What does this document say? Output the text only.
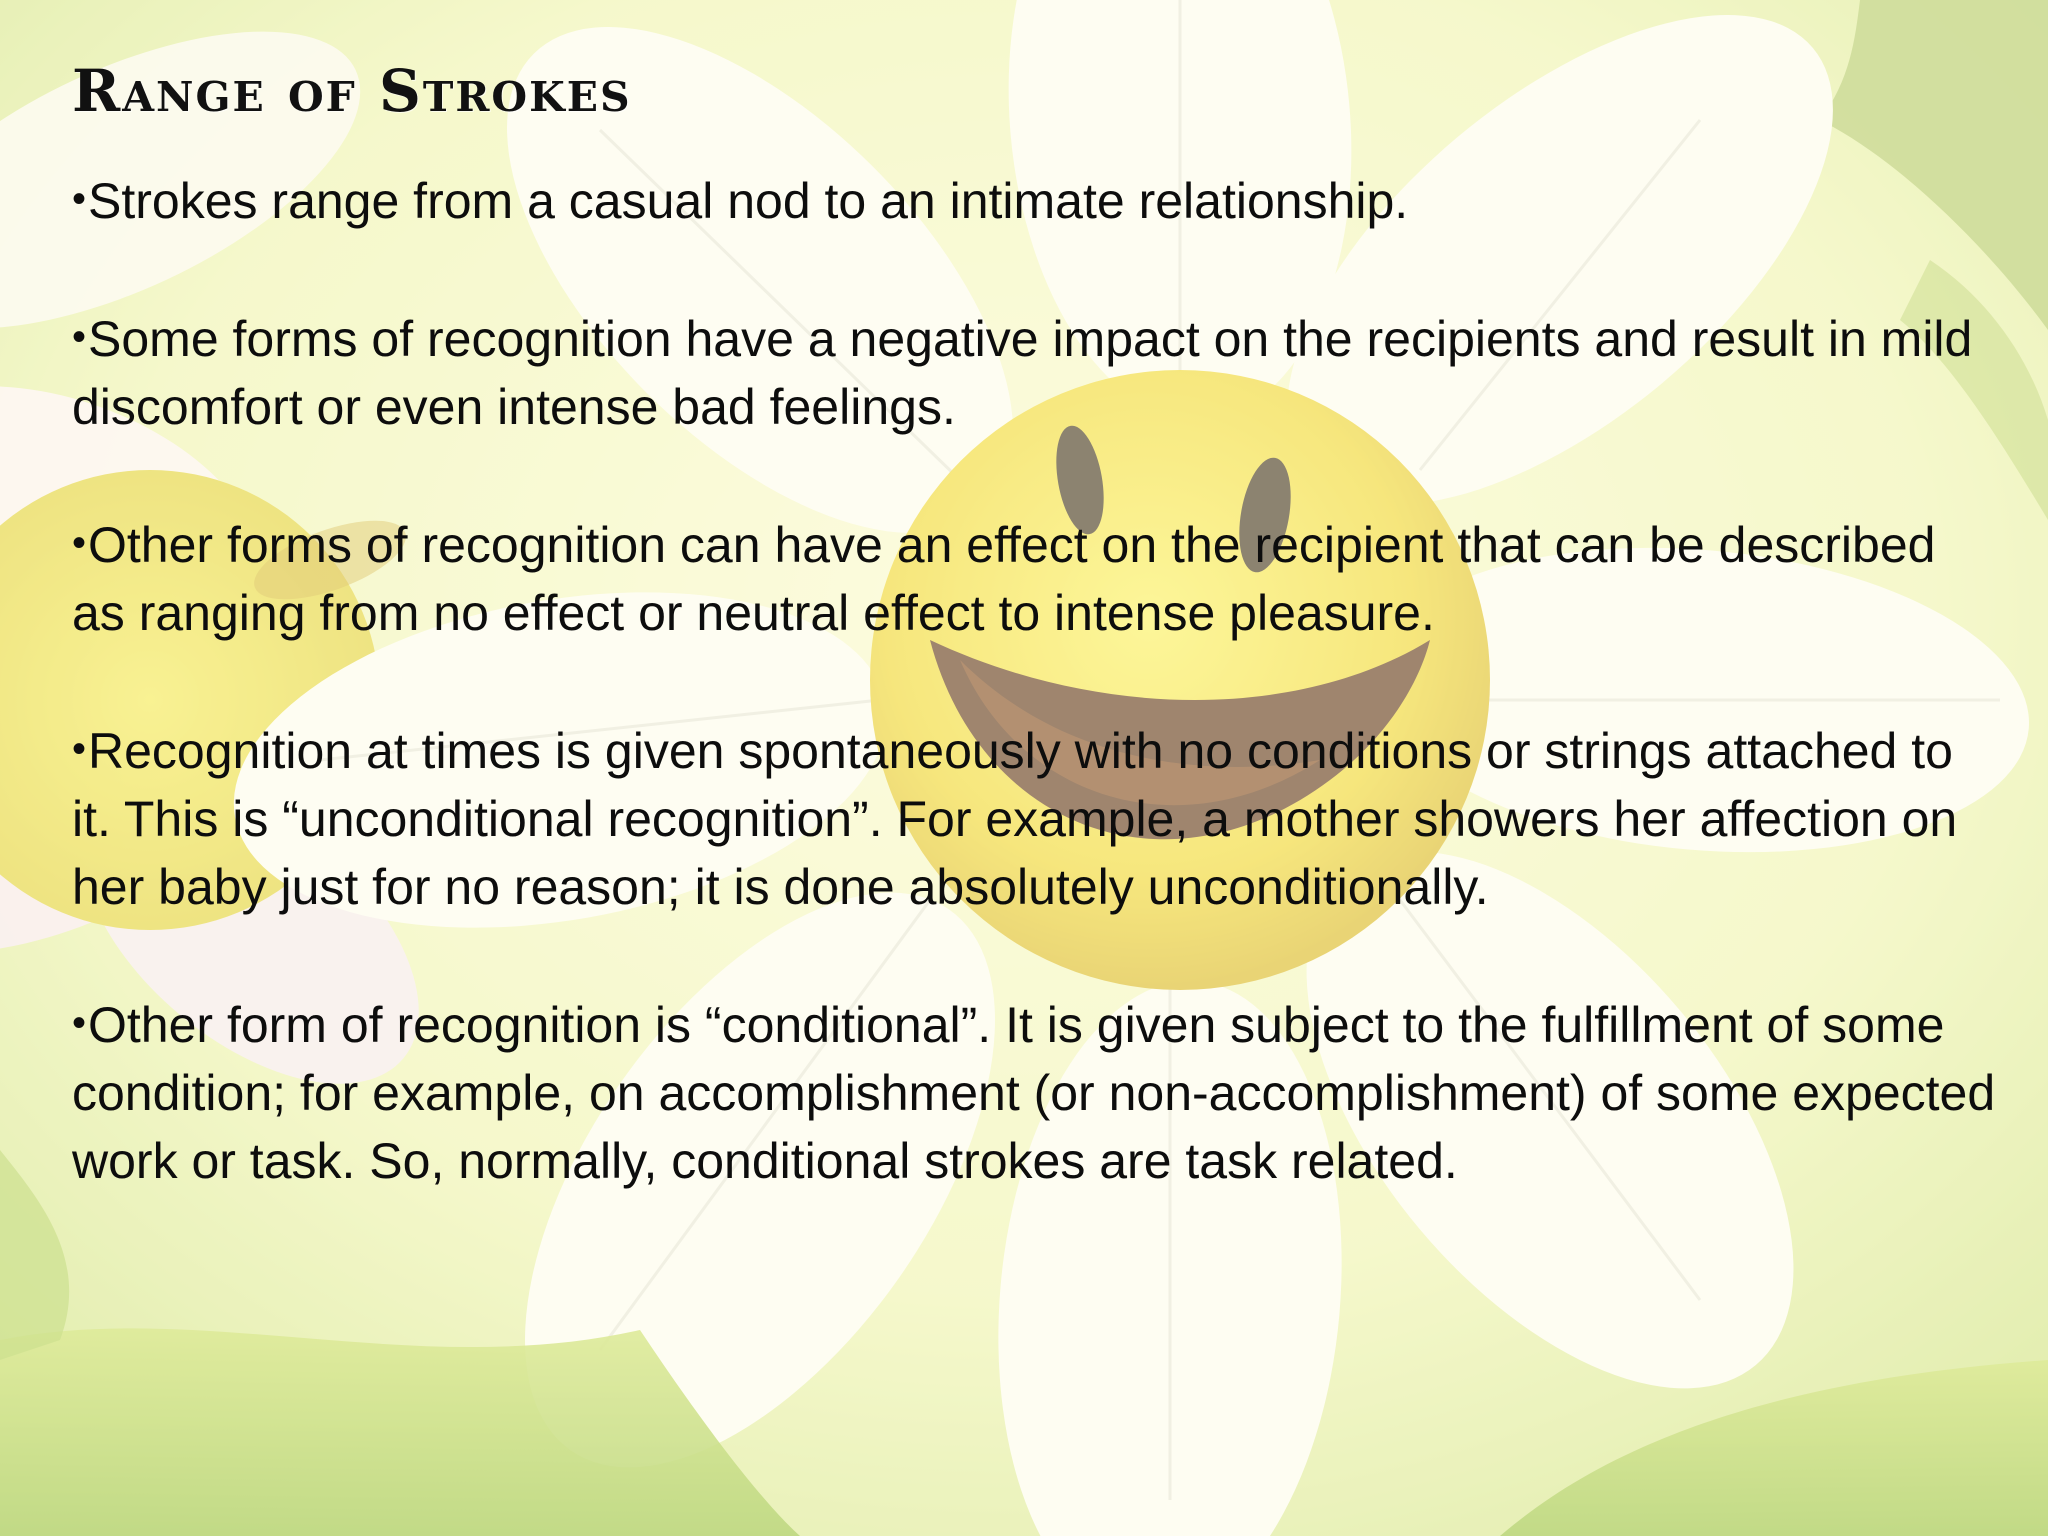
Range of Strokes
•Strokes range from a casual nod to an intimate relationship.
•Some forms of recognition have a negative impact on the recipients and result in mild discomfort or even intense bad feelings.
•Other forms of recognition can have an effect on the recipient that can be described as ranging from no effect or neutral effect to intense pleasure.
•Recognition at times is given spontaneously with no conditions or strings attached to it. This is “unconditional recognition”. For example, a mother showers her affection on her baby just for no reason; it is done absolutely unconditionally.
•Other form of recognition is “conditional”. It is given subject to the fulfillment of some condition; for example, on accomplishment (or non-accomplishment) of some expected work or task. So, normally, conditional strokes are task related.
